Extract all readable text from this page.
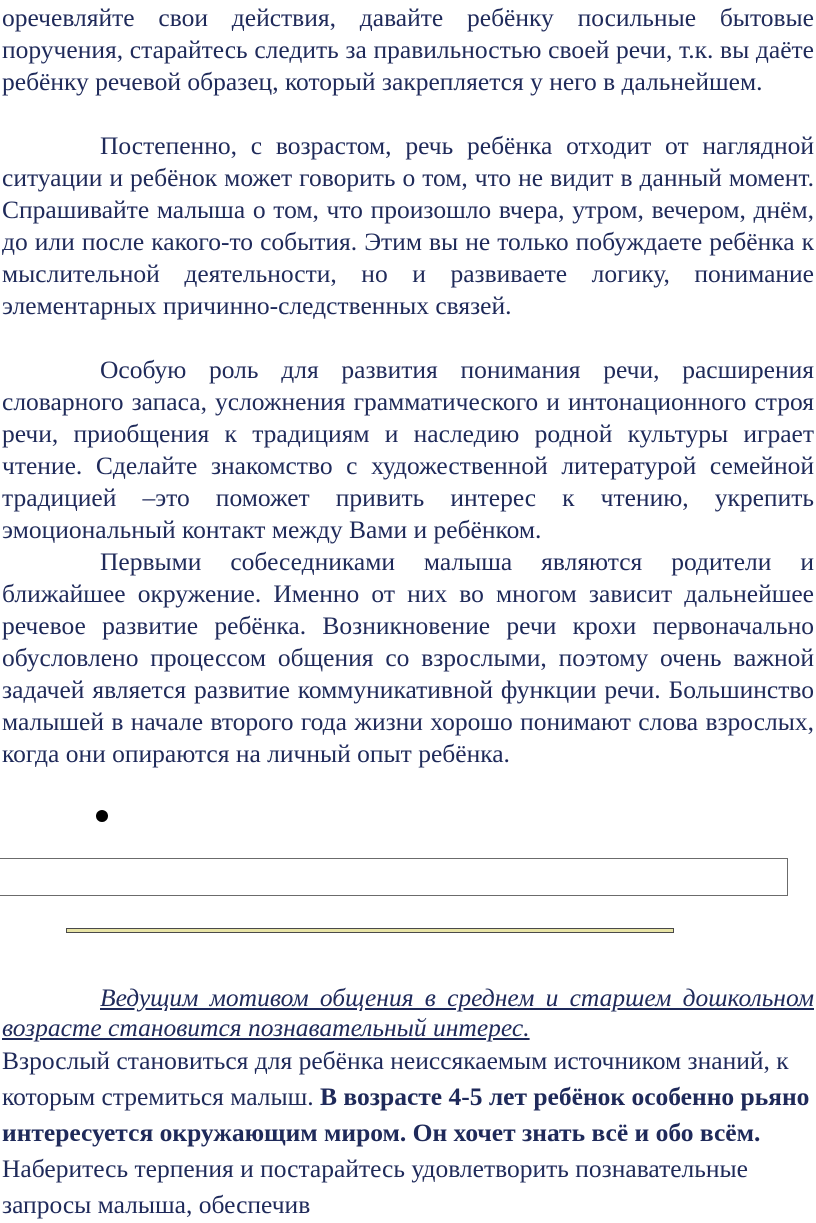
оречевляйте свои действия, давайте ребёнку посильные бытовые поручения, старайтесь следить за правильностью своей речи, т.к. вы даёте ребёнку речевой образец, который закрепляется у него в дальнейшем.

Постепенно, с возрастом, речь ребёнка отходит от наглядной ситуации и ребёнок может говорить о том, что не видит в данный момент. Спрашивайте малыша о том, что произошло вчера, утром, вечером, днём, до или после какого-то события. Этим вы не только побуждаете ребёнка к мыслительной деятельности, но и развиваете логику, понимание элементарных причинно-следственных связей.

Особую роль для развития понимания речи, расширения словарного запаса, усложнения грамматического и интонационного строя речи, приобщения к традициям и наследию родной культуры играет чтение. Сделайте знакомство с художественной литературой семейной традицией –это поможет привить интерес к чтению, укрепить эмоциональный контакт между Вами и ребёнком.

Первыми собеседниками малыша являются родители и ближайшее окружение. Именно от них во многом зависит дальнейшее речевое развитие ребёнка. Возникновение речи крохи первоначально обусловлено процессом общения со взрослыми, поэтому очень важной задачей является развитие коммуникативной функции речи. Большинство малышей в начале второго года жизни хорошо понимают слова взрослых, когда они опираются на личный опыт ребёнка.

Ведущим мотивом общения в среднем и старшем дошкольном возрасте становится познавательный интерес.
Взрослый становиться для ребёнка неиссякаемым источником знаний, к которым стремиться малыш. В возрасте 4-5 лет ребёнок особенно рьяно интересуется окружающим миром. Он хочет знать всё и обо всём. Наберитесь терпения и постарайтесь удовлетворить познавательные запросы малыша, обеспечив
